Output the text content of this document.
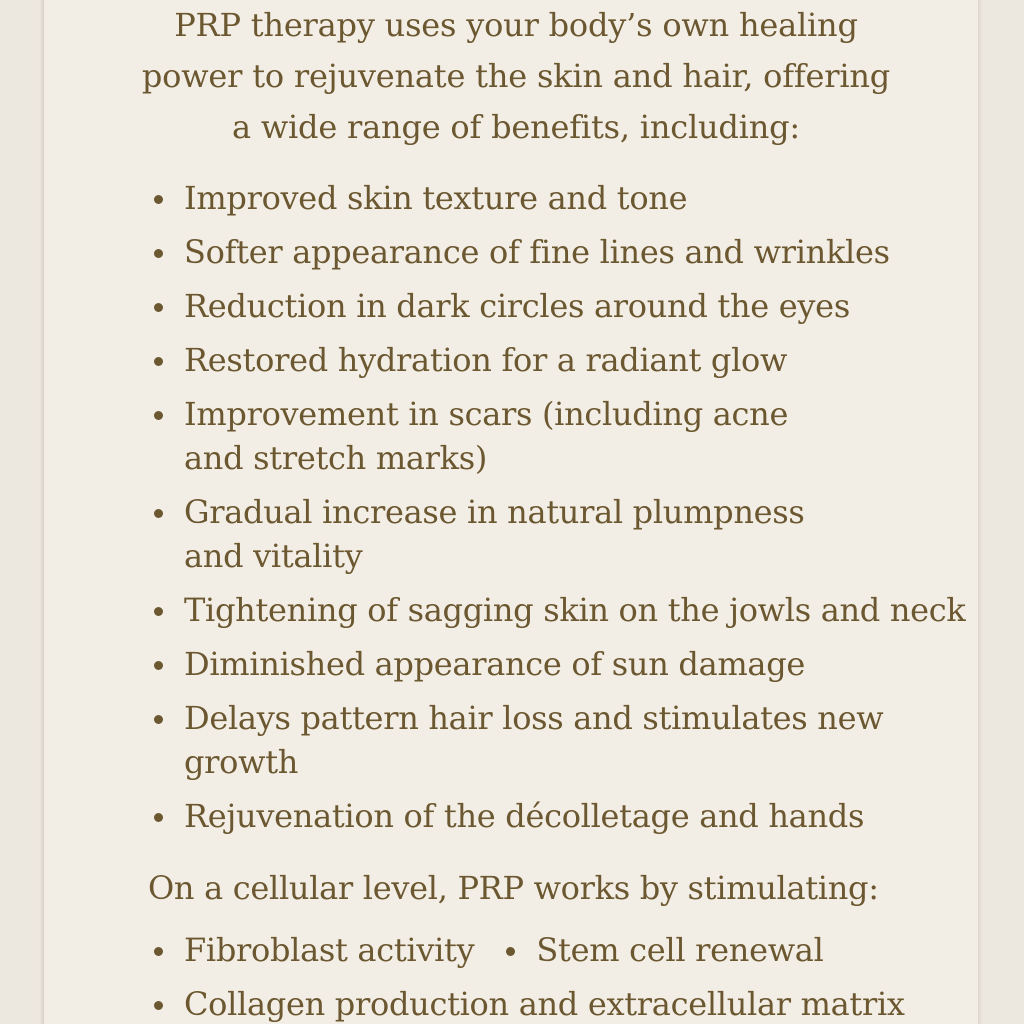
PRP therapy uses your body’s own healing
power to rejuvenate the skin and hair, offering
a wide range of benefits, including:
Improved skin texture and tone
Softer appearance of fine lines and wrinkles
Reduction in dark circles around the eyes
Restored hydration for a radiant glow
Improvement in scars (including acne
and stretch marks)
Gradual increase in natural plumpness
and vitality
Tightening of sagging skin on the jowls and neck
Diminished appearance of sun damage
Delays pattern hair loss and stimulates new
growth
Rejuvenation of the décolletage and hands
On a cellular level, PRP works by stimulating:
Fibroblast activity Stem cell renewal
Collagen production and extracellular matrix
